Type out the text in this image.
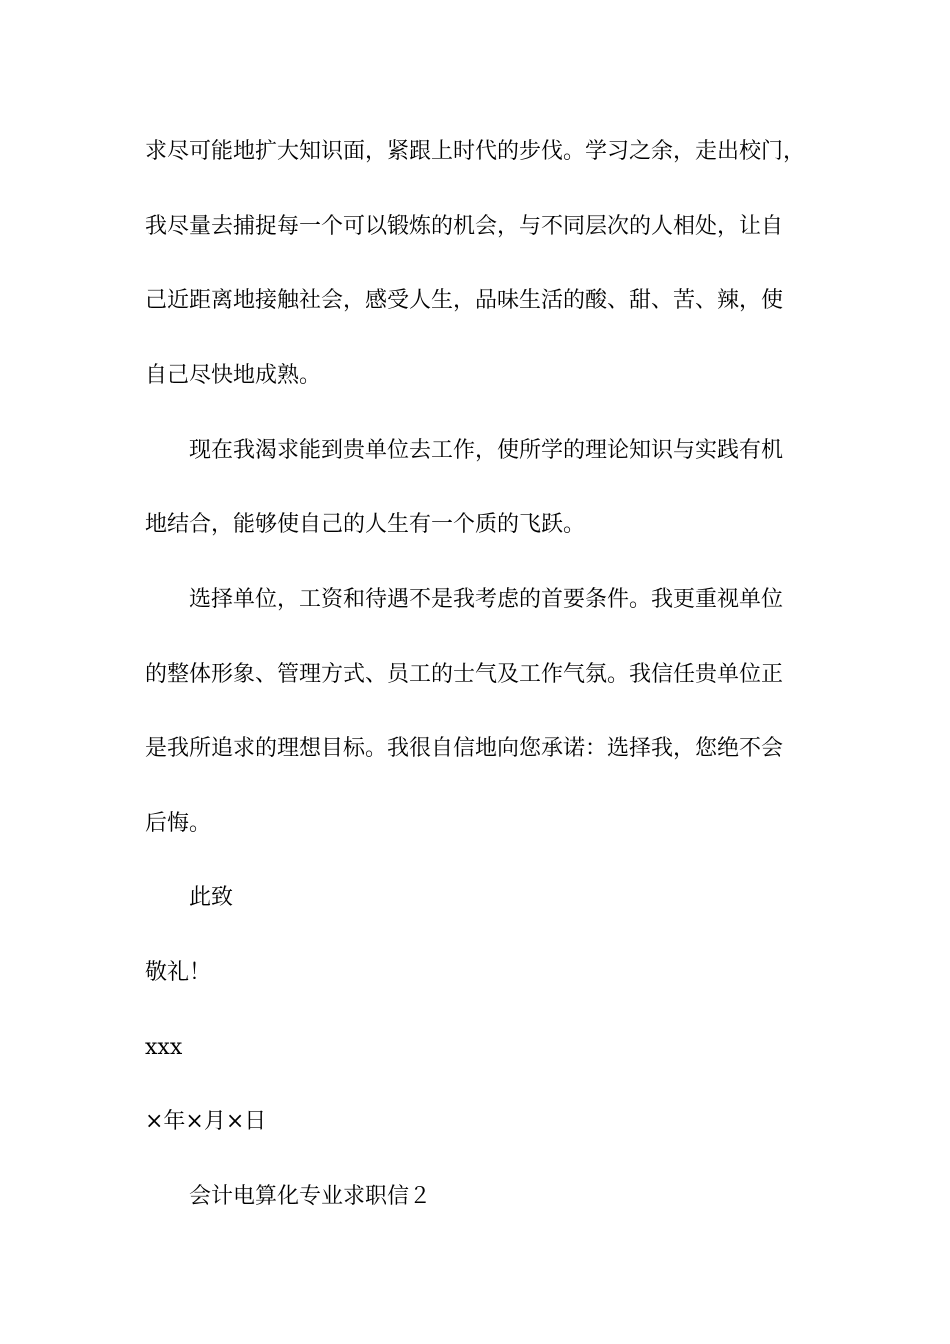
求尽可能地扩大知识面，紧跟上时代的步伐。学习之余，走出校门，
我尽量去捕捉每一个可以锻炼的机会，与不同层次的人相处，让自
己近距离地接触社会，感受人生，品味生活的酸、甜、苦、辣，使
自己尽快地成熟。
现在我渴求能到贵单位去工作，使所学的理论知识与实践有机
地结合，能够使自己的人生有一个质的飞跃。
选择单位，工资和待遇不是我考虑的首要条件。我更重视单位
的整体形象、管理方式、员工的士气及工作气氛。我信任贵单位正
是我所追求的理想目标。我很自信地向您承诺：选择我，您绝不会
后悔。
此致
敬礼！
xxx
×年×月×日
会计电算化专业求职信２
